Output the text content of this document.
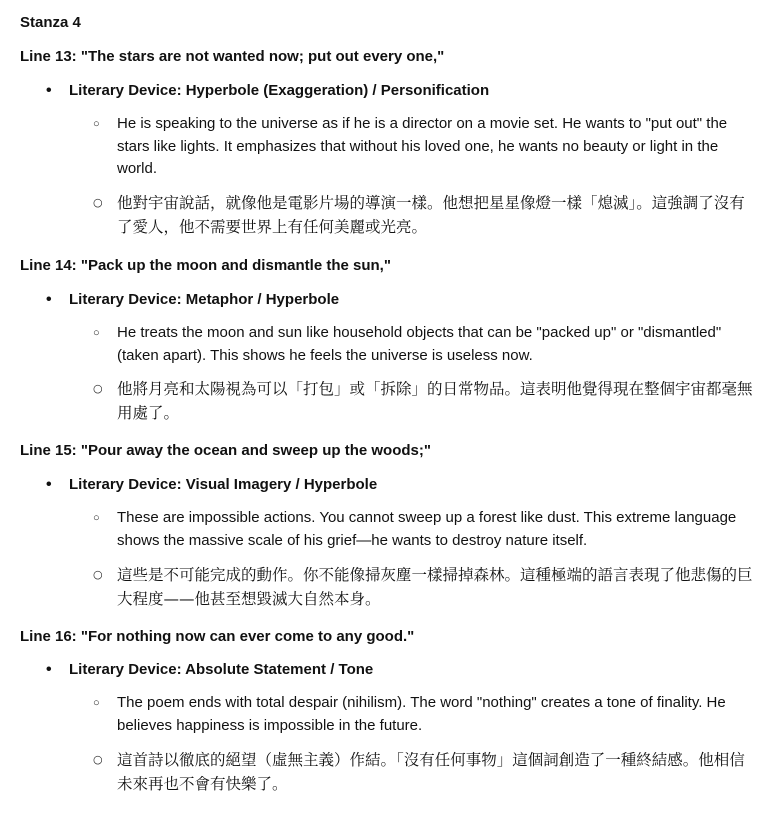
Stanza 4
Line 13: "The stars are not wanted now; put out every one,"
• Literary Device: Hyperbole (Exaggeration) / Personification
○ He is speaking to the universe as if he is a director on a movie set. He wants to "put out" the stars like lights. It emphasizes that without his loved one, he wants no beauty or light in the world.
○ 他對宇宙說話，就像他是電影片場的導演一樣。他想把星星像燈一樣「熄滅」。這強調了沒有了愛人，他不需要世界上有任何美麗或光亮。
Line 14: "Pack up the moon and dismantle the sun,"
• Literary Device: Metaphor / Hyperbole
○ He treats the moon and sun like household objects that can be "packed up" or "dismantled" (taken apart). This shows he feels the universe is useless now.
○ 他將月亮和太陽視為可以「打包」或「拆除」的日常物品。這表明他覺得現在整個宇宙都毫無用處了。
Line 15: "Pour away the ocean and sweep up the woods;"
• Literary Device: Visual Imagery / Hyperbole
○ These are impossible actions. You cannot sweep up a forest like dust. This extreme language shows the massive scale of his grief—he wants to destroy nature itself.
○ 這些是不可能完成的動作。你不能像掃灰塵一樣掃掉森林。這種極端的語言表現了他悲傷的巨大程度——他甚至想毀滅大自然本身。
Line 16: "For nothing now can ever come to any good."
• Literary Device: Absolute Statement / Tone
○ The poem ends with total despair (nihilism). The word "nothing" creates a tone of finality. He believes happiness is impossible in the future.
○ 這首詩以徹底的絕望（虛無主義）作結。「沒有任何事物」這個詞創造了一種終結感。他相信未來再也不會有快樂了。
